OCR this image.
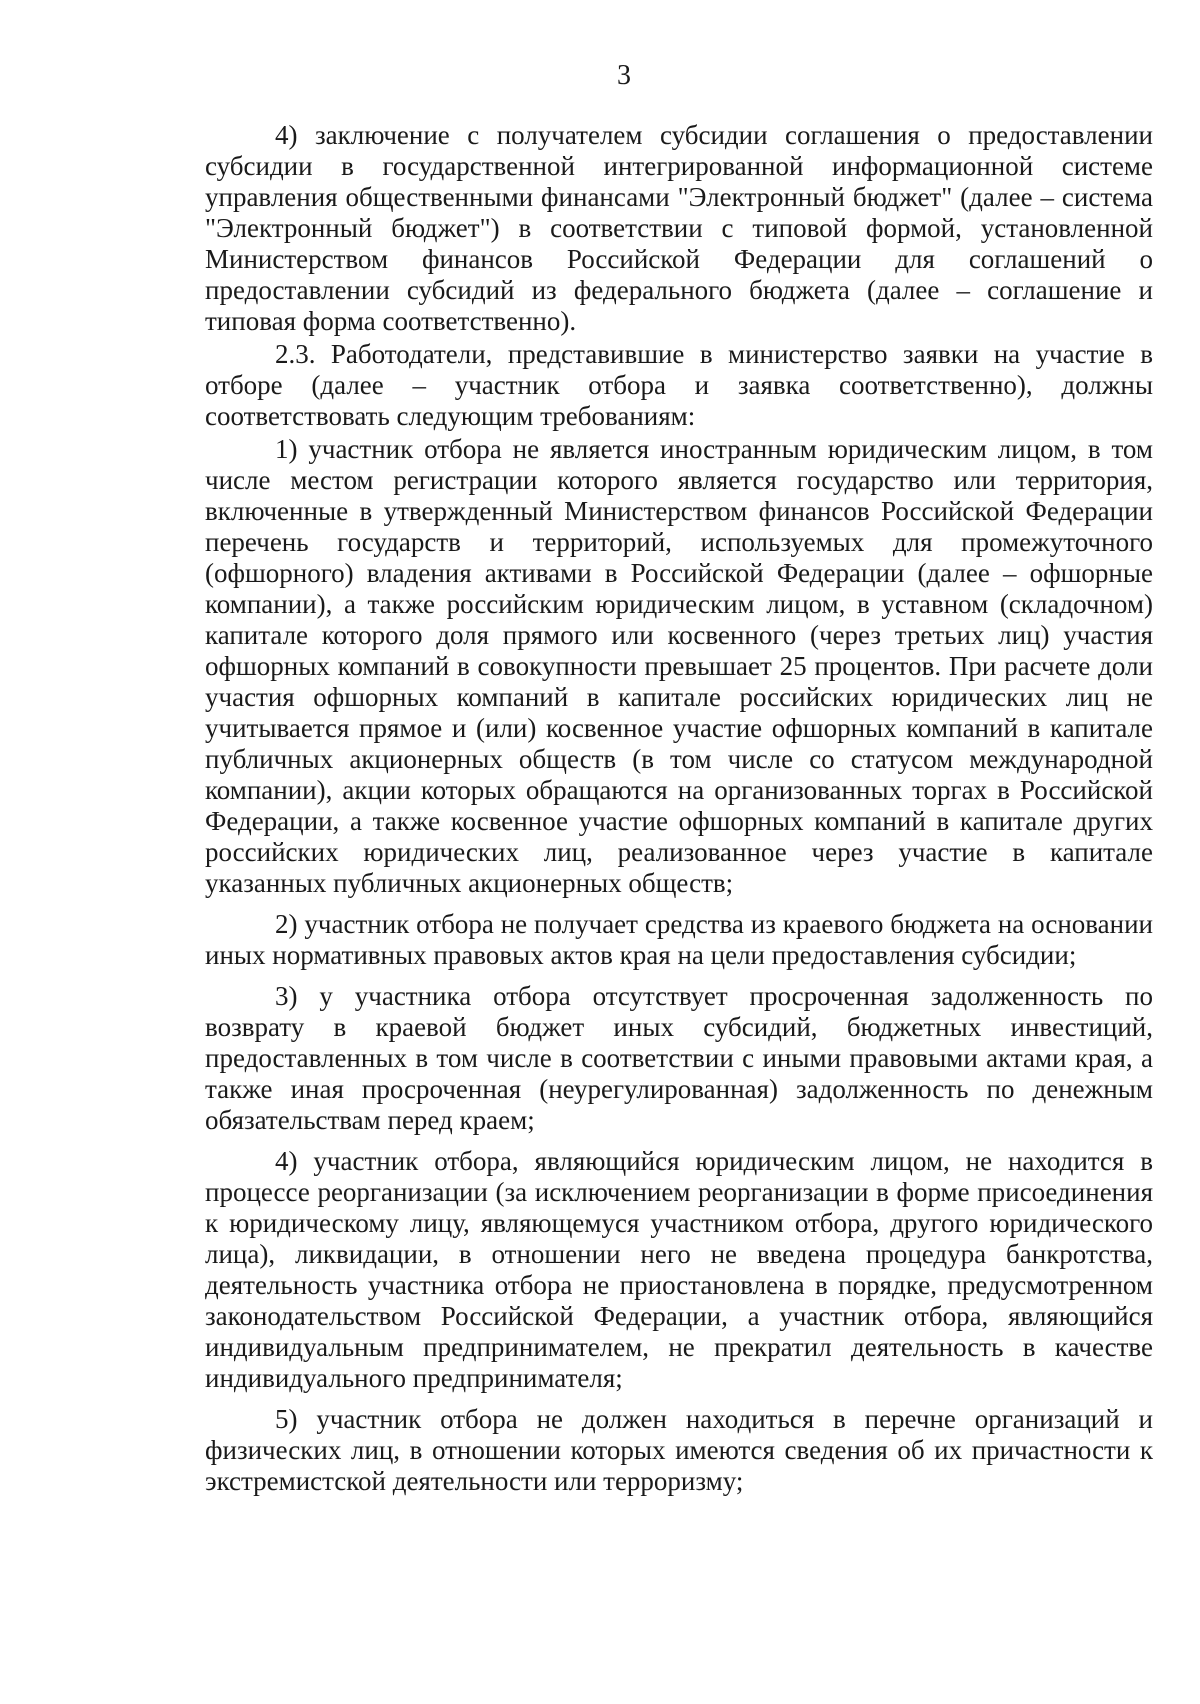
3

4) заключение с получателем субсидии соглашения о предоставлении субсидии в государственной интегрированной информационной системе управления общественными финансами "Электронный бюджет" (далее – система "Электронный бюджет") в соответствии с типовой формой, установленной Министерством финансов Российской Федерации для соглашений о предоставлении субсидий из федерального бюджета (далее – соглашение и типовая форма соответственно).

2.3. Работодатели, представившие в министерство заявки на участие в отборе (далее – участник отбора и заявка соответственно), должны соответствовать следующим требованиям:

1) участник отбора не является иностранным юридическим лицом, в том числе местом регистрации которого является государство или территория, включенные в утвержденный Министерством финансов Российской Федерации перечень государств и территорий, используемых для промежуточного (офшорного) владения активами в Российской Федерации (далее – офшорные компании), а также российским юридическим лицом, в уставном (складочном) капитале которого доля прямого или косвенного (через третьих лиц) участия офшорных компаний в совокупности превышает 25 процентов. При расчете доли участия офшорных компаний в капитале российских юридических лиц не учитывается прямое и (или) косвенное участие офшорных компаний в капитале публичных акционерных обществ (в том числе со статусом международной компании), акции которых обращаются на организованных торгах в Российской Федерации, а также косвенное участие офшорных компаний в капитале других российских юридических лиц, реализованное через участие в капитале указанных публичных акционерных обществ;

2) участник отбора не получает средства из краевого бюджета на основании иных нормативных правовых актов края на цели предоставления субсидии;

3) у участника отбора отсутствует просроченная задолженность по возврату в краевой бюджет иных субсидий, бюджетных инвестиций, предоставленных в том числе в соответствии с иными правовыми актами края, а также иная просроченная (неурегулированная) задолженность по денежным обязательствам перед краем;

4) участник отбора, являющийся юридическим лицом, не находится в процессе реорганизации (за исключением реорганизации в форме присоединения к юридическому лицу, являющемуся участником отбора, другого юридического лица), ликвидации, в отношении него не введена процедура банкротства, деятельность участника отбора не приостановлена в порядке, предусмотренном законодательством Российской Федерации, а участник отбора, являющийся индивидуальным предпринимателем, не прекратил деятельность в качестве индивидуального предпринимателя;

5) участник отбора не должен находиться в перечне организаций и физических лиц, в отношении которых имеются сведения об их причастности к экстремистской деятельности или терроризму;
